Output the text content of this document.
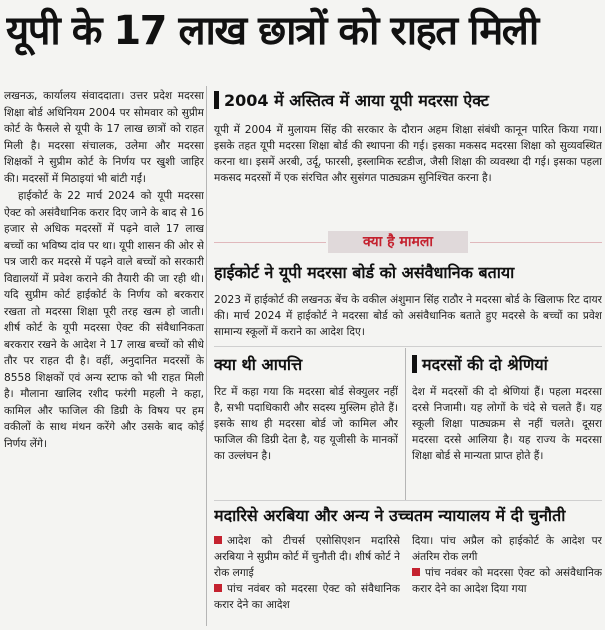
यूपी के 17 लाख छात्रों को राहत मिली

लखनऊ, कार्यालय संवाददाता। उत्तर प्रदेश मदरसा शिक्षा बोर्ड अधिनियम 2004 पर सोमवार को सुप्रीम कोर्ट के फैसले से यूपी के 17 लाख छात्रों को राहत मिली है। मदरसा संचालक, उलेमा और मदरसा शिक्षकों ने सुप्रीम कोर्ट के निर्णय पर खुशी जाहिर की। मदरसों में मिठाइयां भी बांटी गईं।

हाईकोर्ट के 22 मार्च 2024 को यूपी मदरसा ऐक्ट को असंवैधानिक करार दिए जाने के बाद से 16 हजार से अधिक मदरसों में पढ़ने वाले 17 लाख बच्चों का भविष्य दांव पर था। यूपी शासन की ओर से पत्र जारी कर मदरसे में पढ़ने वाले बच्चों को सरकारी विद्यालयों में प्रवेश कराने की तैयारी की जा रही थी। यदि सुप्रीम कोर्ट हाईकोर्ट के निर्णय को बरकरार रखता तो मदरसा शिक्षा पूरी तरह खत्म हो जाती। शीर्ष कोर्ट के यूपी मदरसा ऐक्ट की संवैधानिकता बरकरार रखने के आदेश ने 17 लाख बच्चों को सीधे तौर पर राहत दी है। वहीं, अनुदानित मदरसों के 8558 शिक्षकों एवं अन्य स्टाफ को भी राहत मिली है। मौलाना खालिद रशीद फरंगी महली ने कहा, कामिल और फाजिल की डिग्री के विषय पर हम वकीलों के साथ मंथन करेंगे और उसके बाद कोई निर्णय लेंगे।

2004 में अस्तित्व में आया यूपी मदरसा ऐक्ट
यूपी में 2004 में मुलायम सिंह की सरकार के दौरान अहम शिक्षा संबंधी कानून पारित किया गया। इसके तहत यूपी मदरसा शिक्षा बोर्ड की स्थापना की गई। इसका मकसद मदरसा शिक्षा को सुव्यवस्थित करना था। इसमें अरबी, उर्दू, फारसी, इस्लामिक स्टडीज, जैसी शिक्षा की व्यवस्था दी गई। इसका पहला मकसद मदरसों में एक संरचित और सुसंगत पाठ्यक्रम सुनिश्चित करना है।
क्या है मामला
हाईकोर्ट ने यूपी मदरसा बोर्ड को असंवैधानिक बताया
2023 में हाईकोर्ट की लखनऊ बेंच के वकील अंशुमान सिंह राठौर ने मदरसा बोर्ड के खिलाफ रिट दायर की। मार्च 2024 में हाईकोर्ट ने मदरसा बोर्ड को असंवैधानिक बताते हुए मदरसे के बच्चों का प्रवेश सामान्य स्कूलों में कराने का आदेश दिए।
क्या थी आपत्ति
रिट में कहा गया कि मदरसा बोर्ड सेक्युलर नहीं है, सभी पदाधिकारी और सदस्य मुस्लिम होते हैं। इसके साथ ही मदरसा बोर्ड जो कामिल और फाजिल की डिग्री देता है, यह यूजीसी के मानकों का उल्लंघन है।
मदरसों की दो श्रेणियां
देश में मदरसों की दो श्रेणियां हैं। पहला मदरसा दरसे निजामी। यह लोगों के चंदे से चलते हैं। यह स्कूली शिक्षा पाठ्यक्रम से नहीं चलते। दूसरा मदरसा दरसे आलिया है। यह राज्य के मदरसा शिक्षा बोर्ड से मान्यता प्राप्त होते हैं।
मदारिसे अरबिया और अन्य ने उच्चतम न्यायालय में दी चुनौती
आदेश को टीचर्स एसोसिएशन मदारिसे अरबिया ने सुप्रीम कोर्ट में चुनौती दी। शीर्ष कोर्ट ने रोक लगाई
पांच नवंबर को मदरसा ऐक्ट को संवैधानिक करार देने का आदेश
दिया। पांच अप्रैल को हाईकोर्ट के आदेश पर अंतरिम रोक लगी
पांच नवंबर को मदरसा ऐक्ट को असंवैधानिक करार देने का आदेश दिया गया
